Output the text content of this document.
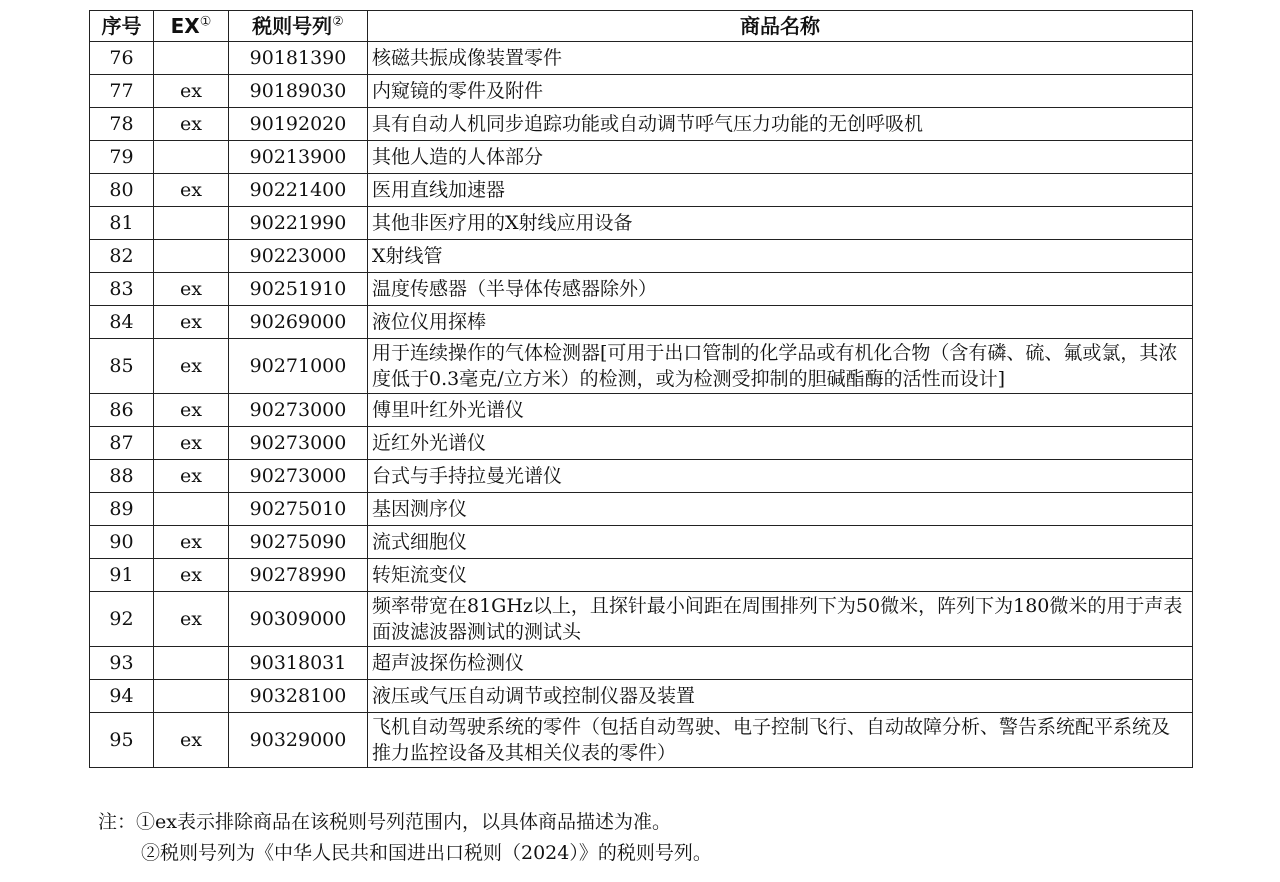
序号	EX①	税则号列②	商品名称
76		90181390	核磁共振成像装置零件
77	ex	90189030	内窥镜的零件及附件
78	ex	90192020	具有自动人机同步追踪功能或自动调节呼气压力功能的无创呼吸机
79		90213900	其他人造的人体部分
80	ex	90221400	医用直线加速器
81		90221990	其他非医疗用的X射线应用设备
82		90223000	X射线管
83	ex	90251910	温度传感器（半导体传感器除外）
84	ex	90269000	液位仪用探棒
85	ex	90271000	用于连续操作的气体检测器[可用于出口管制的化学品或有机化合物（含有磷、硫、氟或氯，其浓度低于0.3毫克/立方米）的检测，或为检测受抑制的胆碱酯酶的活性而设计]
86	ex	90273000	傅里叶红外光谱仪
87	ex	90273000	近红外光谱仪
88	ex	90273000	台式与手持拉曼光谱仪
89		90275010	基因测序仪
90	ex	90275090	流式细胞仪
91	ex	90278990	转矩流变仪
92	ex	90309000	频率带宽在81GHz以上，且探针最小间距在周围排列下为50微米，阵列下为180微米的用于声表面波滤波器测试的测试头
93		90318031	超声波探伤检测仪
94		90328100	液压或气压自动调节或控制仪器及装置
95	ex	90329000	飞机自动驾驶系统的零件（包括自动驾驶、电子控制飞行、自动故障分析、警告系统配平系统及推力监控设备及其相关仪表的零件）
注：①ex表示排除商品在该税则号列范围内，以具体商品描述为准。
②税则号列为《中华人民共和国进出口税则（2024）》的税则号列。
